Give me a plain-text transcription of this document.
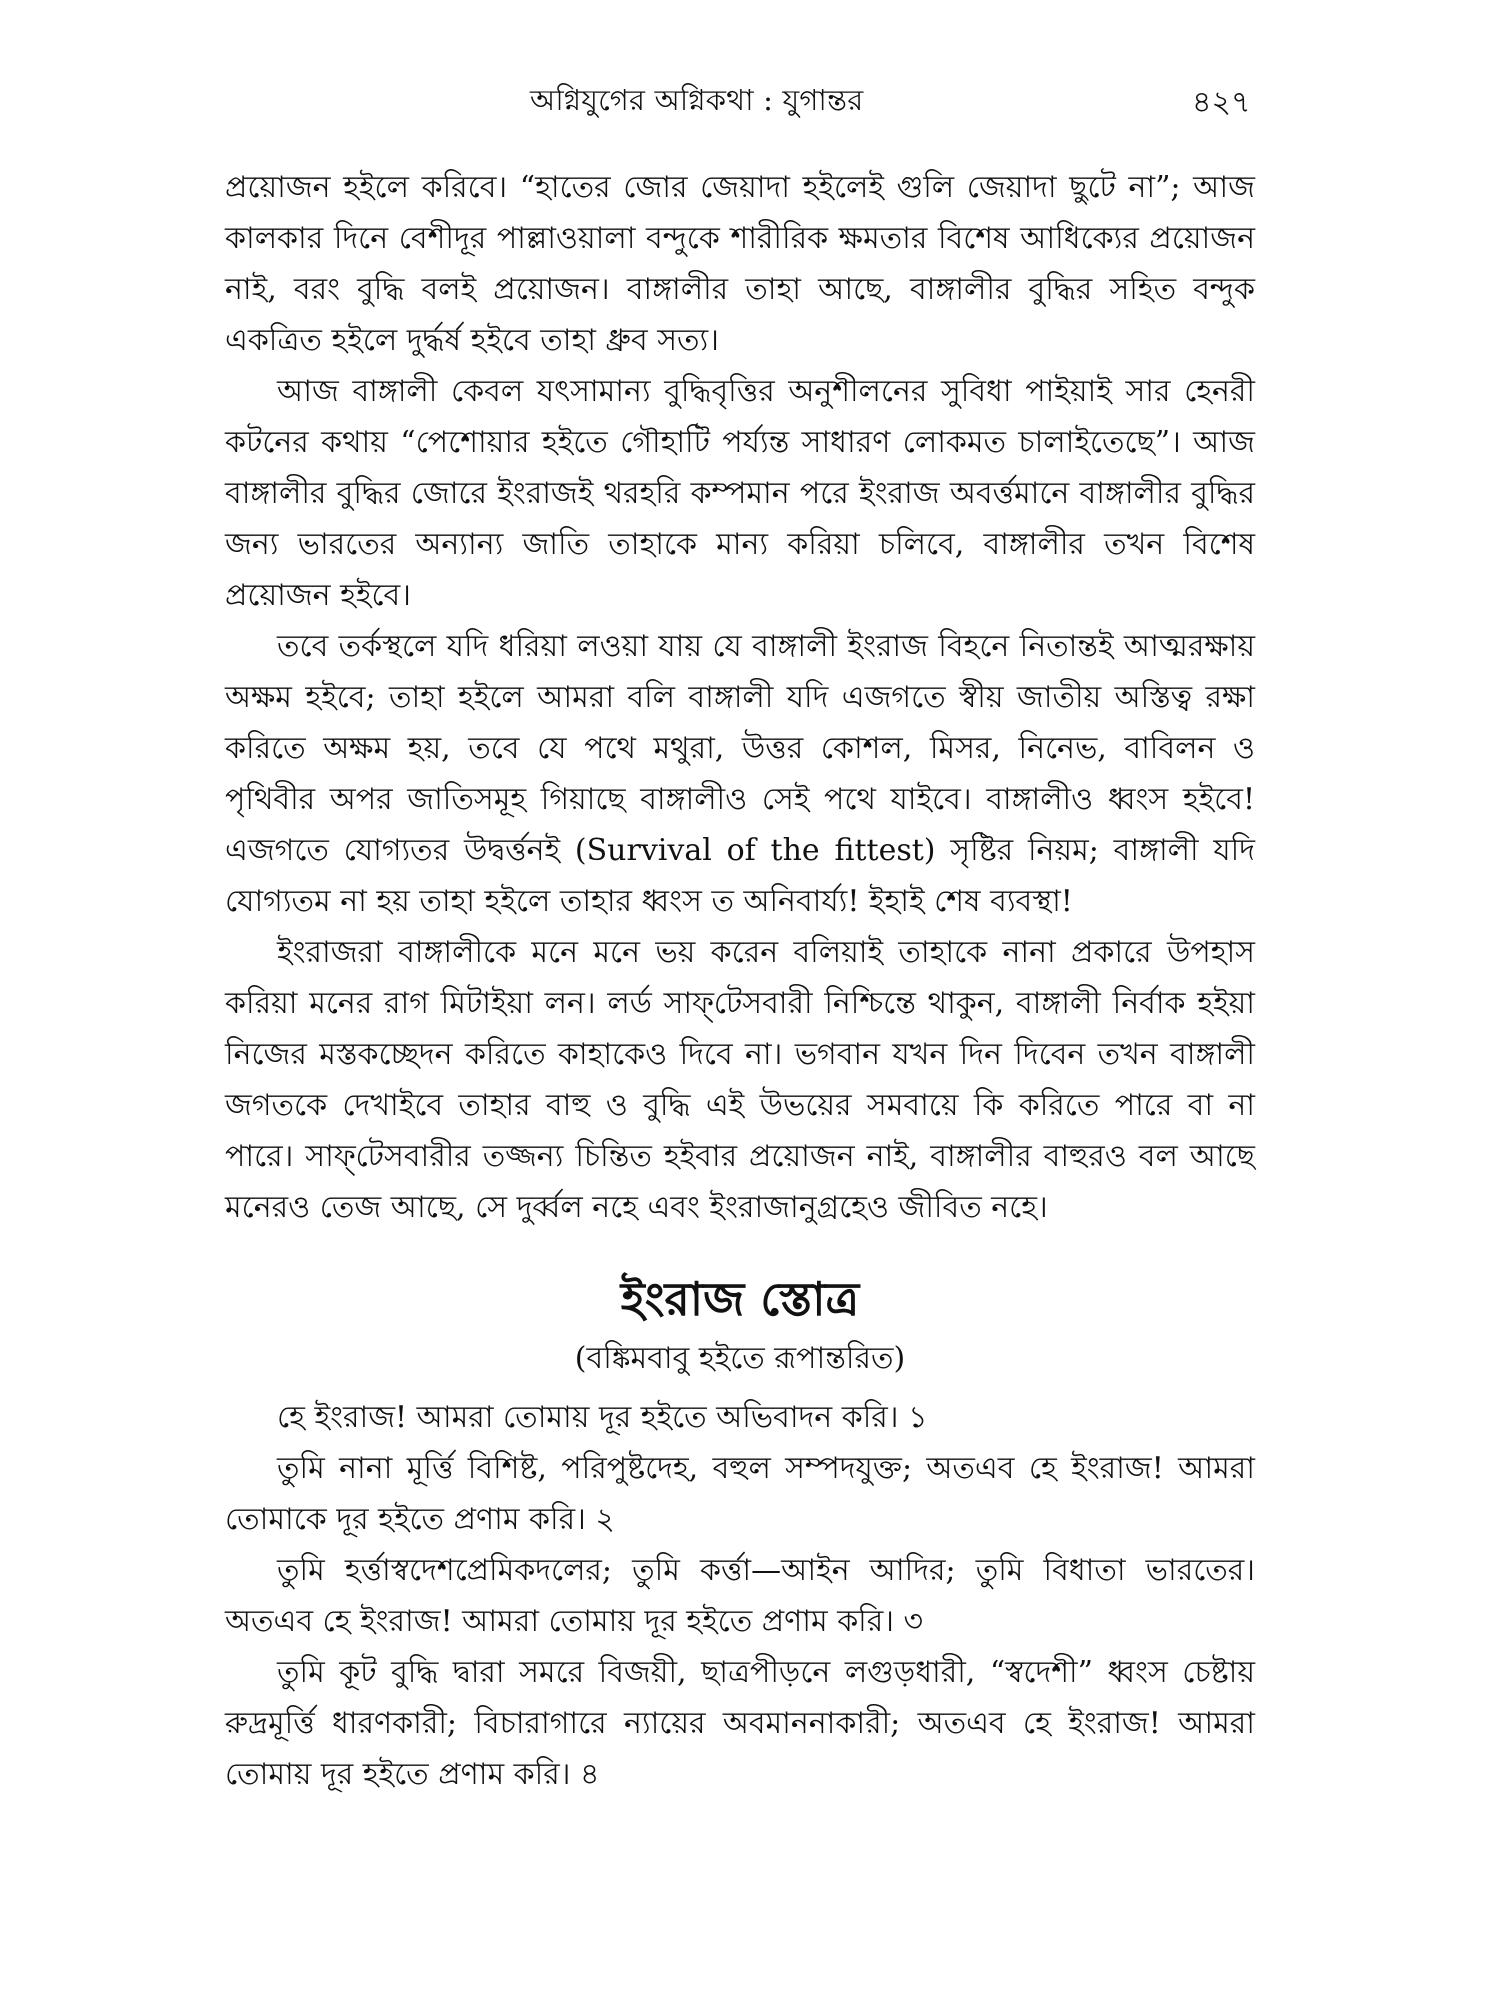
অগ্নিযুগের অগ্নিকথা : যুগান্তর	৪২৭

প্রয়োজন হইলে করিবে। “হাতের জোর জেয়াদা হইলেই গুলি জেয়াদা ছুটে না”; আজ কালকার দিনে বেশীদূর পাল্লাওয়ালা বন্দুকে শারীরিক ক্ষমতার বিশেষ আধিক্যের প্রয়োজন নাই, বরং বুদ্ধি বলই প্রয়োজন। বাঙ্গালীর তাহা আছে, বাঙ্গালীর বুদ্ধির সহিত বন্দুক একত্রিত হইলে দুর্দ্ধর্ষ হইবে তাহা ধ্রুব সত্য।

আজ বাঙ্গালী কেবল যৎসামান্য বুদ্ধিবৃত্তির অনুশীলনের সুবিধা পাইয়াই সার হেনরী কটনের কথায় “পেশোয়ার হইতে গৌহাটি পর্য্যন্ত সাধারণ লোকমত চালাইতেছে”। আজ বাঙ্গালীর বুদ্ধির জোরে ইংরাজই থরহরি কম্পমান পরে ইংরাজ অবর্ত্তমানে বাঙ্গালীর বুদ্ধির জন্য ভারতের অন্যান্য জাতি তাহাকে মান্য করিয়া চলিবে, বাঙ্গালীর তখন বিশেষ প্রয়োজন হইবে।

তবে তর্কস্থলে যদি ধরিয়া লওয়া যায় যে বাঙ্গালী ইংরাজ বিহনে নিতান্তই আত্মরক্ষায় অক্ষম হইবে; তাহা হইলে আমরা বলি বাঙ্গালী যদি এজগতে স্বীয় জাতীয় অস্তিত্ব রক্ষা করিতে অক্ষম হয়, তবে যে পথে মথুরা, উত্তর কোশল, মিসর, নিনেভ, বাবিলন ও পৃথিবীর অপর জাতিসমূহ গিয়াছে বাঙ্গালীও সেই পথে যাইবে। বাঙ্গালীও ধ্বংস হইবে! এজগতে যোগ্যতর উদ্বর্ত্তনই (Survival of the fittest) সৃষ্টির নিয়ম; বাঙ্গালী যদি যোগ্যতম না হয় তাহা হইলে তাহার ধ্বংস ত অনিবার্য্য! ইহাই শেষ ব্যবস্থা!

ইংরাজরা বাঙ্গালীকে মনে মনে ভয় করেন বলিয়াই তাহাকে নানা প্রকারে উপহাস করিয়া মনের রাগ মিটাইয়া লন। লর্ড সাফ্‌টেসবারী নিশ্চিন্তে থাকুন, বাঙ্গালী নির্বাক হইয়া নিজের মস্তকচ্ছেদন করিতে কাহাকেও দিবে না। ভগবান যখন দিন দিবেন তখন বাঙ্গালী জগতকে দেখাইবে তাহার বাহু ও বুদ্ধি এই উভয়ের সমবায়ে কি করিতে পারে বা না পারে। সাফ্‌টেসবারীর তজ্জন্য চিন্তিত হইবার প্রয়োজন নাই, বাঙ্গালীর বাহুরও বল আছে মনেরও তেজ আছে, সে দুর্ব্বল নহে এবং ইংরাজানুগ্রহেও জীবিত নহে।

ইংরাজ স্তোত্র
(বঙ্কিমবাবু হইতে রূপান্তরিত)

হে ইংরাজ! আমরা তোমায় দূর হইতে অভিবাদন করি। ১

তুমি নানা মূর্ত্তি বিশিষ্ট, পরিপুষ্টদেহ, বহুল সম্পদযুক্ত; অতএব হে ইংরাজ! আমরা তোমাকে দূর হইতে প্রণাম করি। ২

তুমি হর্ত্তাস্বদেশপ্রেমিকদলের; তুমি কর্ত্তা—আইন আদির; তুমি বিধাতা ভারতের। অতএব হে ইংরাজ! আমরা তোমায় দূর হইতে প্রণাম করি। ৩

তুমি কূট বুদ্ধি দ্বারা সমরে বিজয়ী, ছাত্রপীড়নে লগুড়ধারী, “স্বদেশী” ধ্বংস চেষ্টায় রুদ্রমূর্ত্তি ধারণকারী; বিচারাগারে ন্যায়ের অবমাননাকারী; অতএব হে ইংরাজ! আমরা তোমায় দূর হইতে প্রণাম করি। ৪
